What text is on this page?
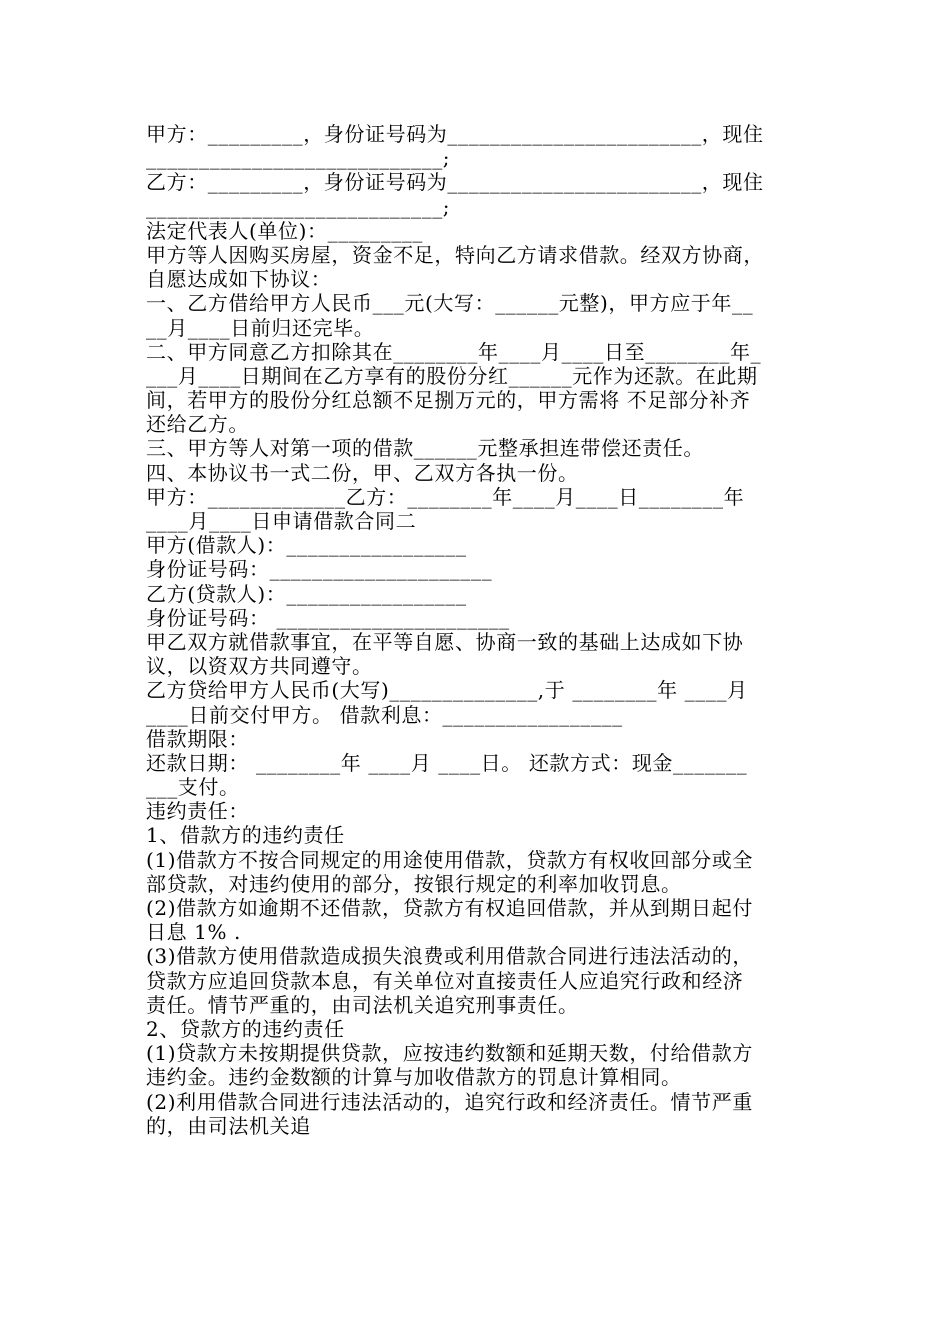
甲方：_________，身份证号码为________________________，现住
____________________________;
乙方：_________，身份证号码为________________________，现住
____________________________;
法定代表人(单位)：_________
甲方等人因购买房屋，资金不足，特向乙方请求借款。经双方协商，
自愿达成如下协议：
一、乙方借给甲方人民币___元(大写：______元整)，甲方应于年__
__月____日前归还完毕。
二、甲方同意乙方扣除其在________年____月____日至________年_
___月____日期间在乙方享有的股份分红______元作为还款。在此期
间，若甲方的股份分红总额不足捌万元的，甲方需将 不足部分补齐
还给乙方。
三、甲方等人对第一项的借款______元整承担连带偿还责任。
四、本协议书一式二份，甲、乙双方各执一份。
甲方：_____________乙方：________年____月____日________年
____月____日申请借款合同二
甲方(借款人)：_________________
身份证号码：_____________________
乙方(贷款人)：_________________
身份证号码： ______________________
甲乙双方就借款事宜，在平等自愿、协商一致的基础上达成如下协
议，以资双方共同遵守。
乙方贷给甲方人民币(大写)______________,于 ________年 ____月
____日前交付甲方。 借款利息：_________________
借款期限：
还款日期： ________年 ____月 ____日。 还款方式：现金_______
___支付。
违约责任：
1、借款方的违约责任
(1)借款方不按合同规定的用途使用借款，贷款方有权收回部分或全
部贷款，对违约使用的部分，按银行规定的利率加收罚息。
(2)借款方如逾期不还借款，贷款方有权追回借款，并从到期日起付
日息 1% .
(3)借款方使用借款造成损失浪费或利用借款合同进行违法活动的，
贷款方应追回贷款本息，有关单位对直接责任人应追究行政和经济
责任。情节严重的，由司法机关追究刑事责任。
2、贷款方的违约责任
(1)贷款方未按期提供贷款，应按违约数额和延期天数，付给借款方
违约金。违约金数额的计算与加收借款方的罚息计算相同。
(2)利用借款合同进行违法活动的，追究行政和经济责任。情节严重
的，由司法机关追
